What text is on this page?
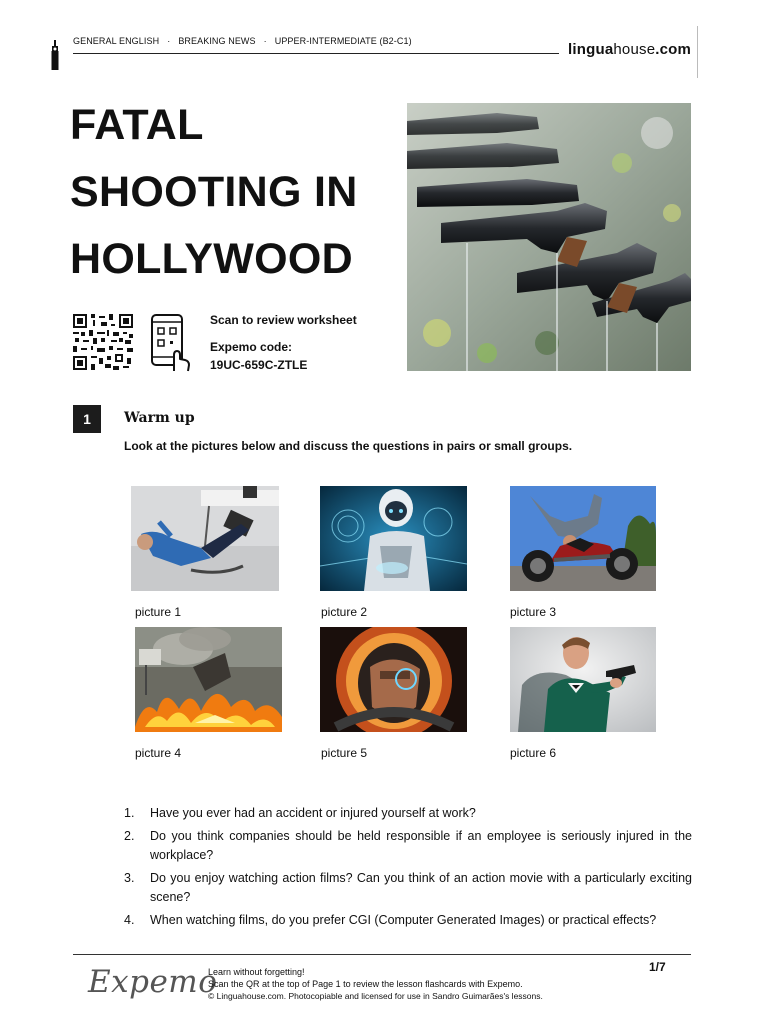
GENERAL ENGLISH · BREAKING NEWS · UPPER-INTERMEDIATE (B2-C1)	linguahouse.com
FATAL
SHOOTING IN
HOLLYWOOD
Scan to review worksheet
Expemo code:
19UC-659C-ZTLE
1	Warm up
Look at the pictures below and discuss the questions in pairs or small groups.
picture 1	picture 2	picture 3
picture 4	picture 5	picture 6
1.	Have you ever had an accident or injured yourself at work?
2.	Do you think companies should be held responsible if an employee is seriously injured in the workplace?
3.	Do you enjoy watching action films? Can you think of an action movie with a particularly exciting scene?
4.	When watching films, do you prefer CGI (Computer Generated Images) or practical effects?
Expemo
Learn without forgetting!
Scan the QR at the top of Page 1 to review the lesson flashcards with Expemo.
© Linguahouse.com. Photocopiable and licensed for use in Sandro Guimarães's lessons.
1/7
